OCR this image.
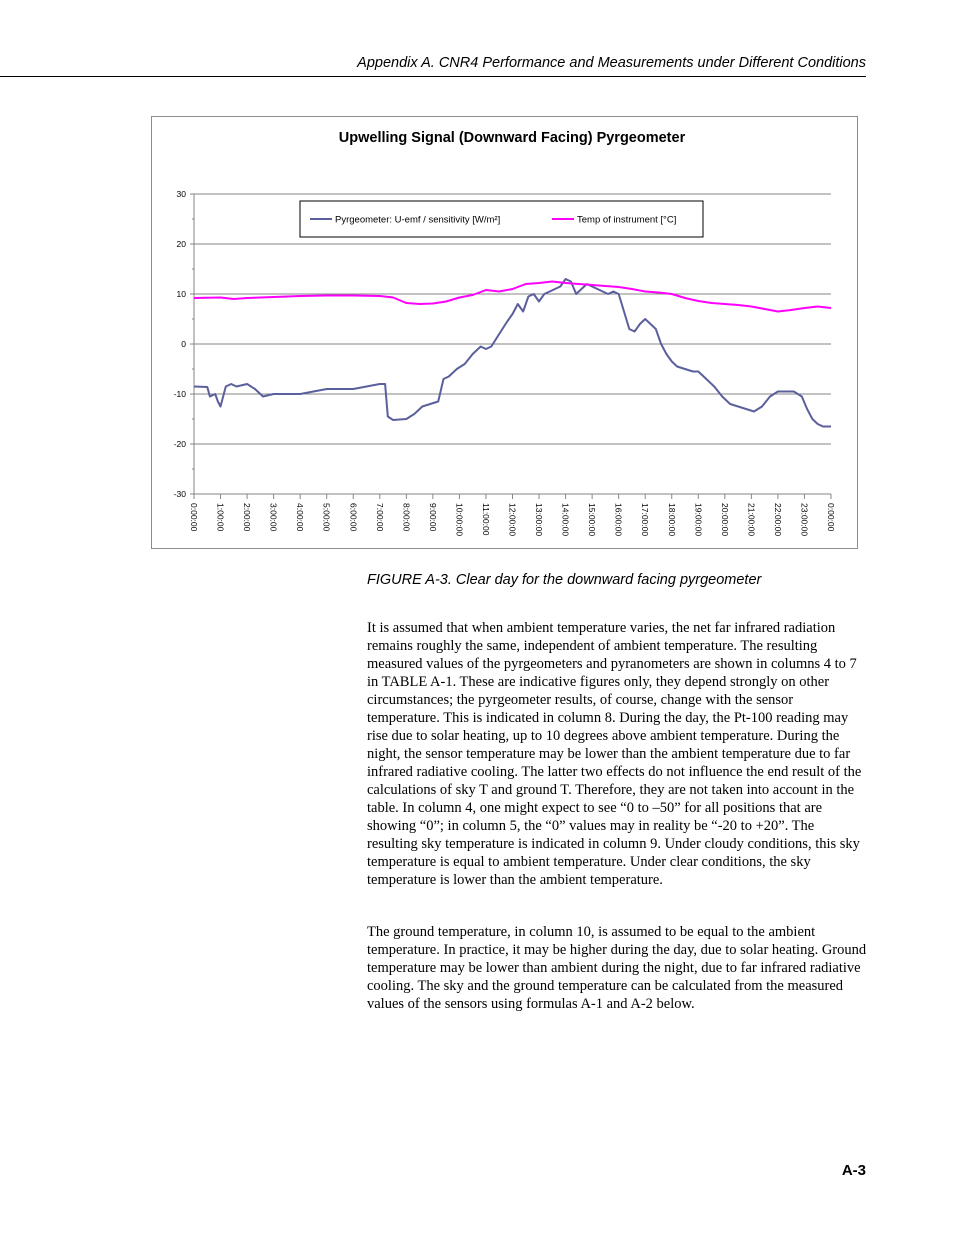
Appendix A. CNR4 Performance and Measurements under Different Conditions
Upwelling Signal (Downward Facing) Pyrgeometer
-30
-20
-10
0
10
20
30
0:00:00 1:00:00 2:00:00 3:00:00 4:00:00 5:00:00 6:00:00 7:00:00 8:00:00 9:00:00 10:00:00 11:00:00 12:00:00 13:00:00 14:00:00 15:00:00 16:00:00 17:00:00 18:00:00 19:00:00 20:00:00 21:00:00 22:00:00 23:00:00 0:00:00
Pyrgeometer: U-emf / sensitivity [W/m²]	Temp of instrument [°C]
FIGURE A-3. Clear day for the downward facing pyrgeometer

It is assumed that when ambient temperature varies, the net far infrared radiation remains roughly the same, independent of ambient temperature. The resulting measured values of the pyrgeometers and pyranometers are shown in columns 4 to 7 in TABLE A-1. These are indicative figures only, they depend strongly on other circumstances; the pyrgeometer results, of course, change with the sensor temperature. This is indicated in column 8. During the day, the Pt-100 reading may rise due to solar heating, up to 10 degrees above ambient temperature. During the night, the sensor temperature may be lower than the ambient temperature due to far infrared radiative cooling. The latter two effects do not influence the end result of the calculations of sky T and ground T. Therefore, they are not taken into account in the table. In column 4, one might expect to see “0 to –50” for all positions that are showing “0”; in column 5, the “0” values may in reality be “-20 to +20”. The resulting sky temperature is indicated in column 9. Under cloudy conditions, this sky temperature is equal to ambient temperature. Under clear conditions, the sky temperature is lower than the ambient temperature.

The ground temperature, in column 10, is assumed to be equal to the ambient temperature. In practice, it may be higher during the day, due to solar heating. Ground temperature may be lower than ambient during the night, due to far infrared radiative cooling. The sky and the ground temperature can be calculated from the measured values of the sensors using formulas A-1 and A-2 below.

A-3
